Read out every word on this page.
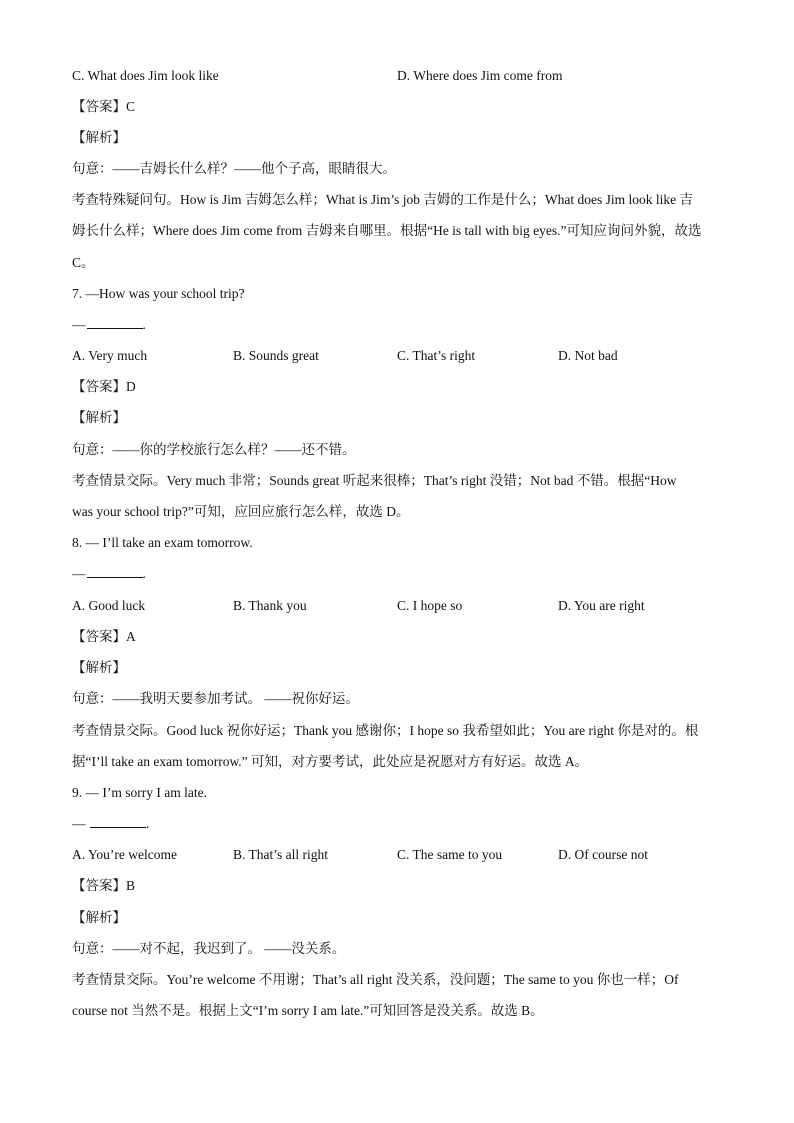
C. What does Jim look like	D. Where does Jim come from
【答案】C
【解析】
句意：——吉姆长什么样？——他个子高，眼睛很大。
考查特殊疑问句。How is Jim 吉姆怎么样；What is Jim’s job 吉姆的工作是什么；What does Jim look like 吉
姆长什么样；Where does Jim come from 吉姆来自哪里。根据“He is tall with big eyes.”可知应询问外貌，故选
C。
7. —How was your school trip?
—	.
A. Very much	B. Sounds great	C. That’s right	D. Not bad
【答案】D
【解析】
句意：——你的学校旅行怎么样？——还不错。
考查情景交际。Very much 非常；Sounds great 听起来很棒；That’s right 没错；Not bad 不错。根据“How
was your school trip?”可知，应回应旅行怎么样，故选 D。
8. — I’ll take an exam tomorrow.
—	.
A. Good luck	B. Thank you	C. I hope so	D. You are right
【答案】A
【解析】
句意：——我明天要参加考试。 ——祝你好运。
考查情景交际。Good luck 祝你好运；Thank you 感谢你；I hope so 我希望如此；You are right 你是对的。根
据“I’ll take an exam tomorrow.” 可知，对方要考试，此处应是祝愿对方有好运。故选 A。
9. — I’m sorry I am late.
—	.
A. You’re welcome	B. That’s all right	C. The same to you	D. Of course not
【答案】B
【解析】
句意：——对不起，我迟到了。 ——没关系。
考查情景交际。You’re welcome 不用谢；That’s all right 没关系，没问题；The same to you 你也一样；Of
course not 当然不是。根据上文“I’m sorry I am late.”可知回答是没关系。故选 B。
